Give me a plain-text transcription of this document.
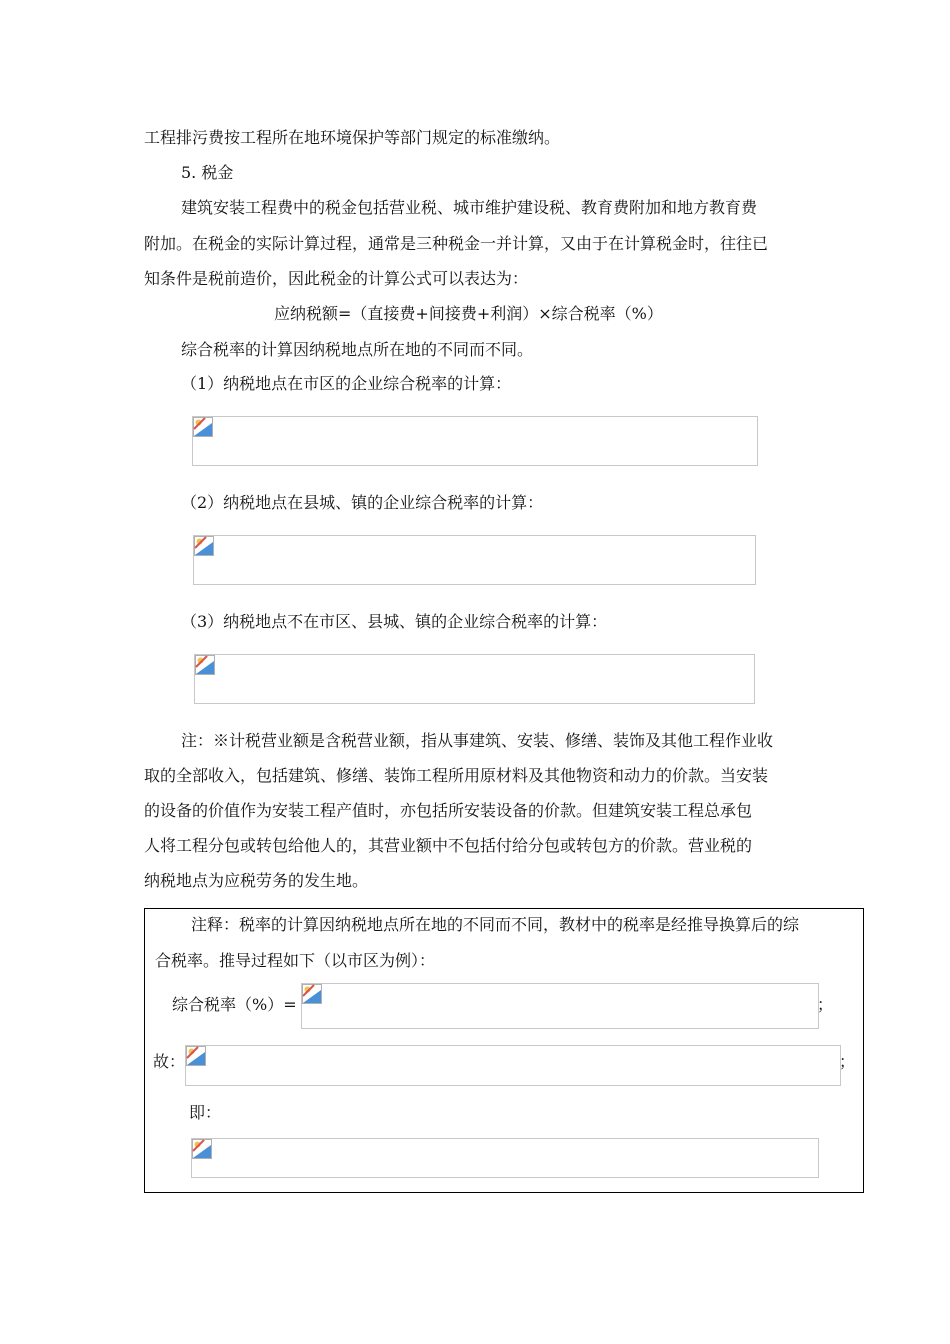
工程排污费按工程所在地环境保护等部门规定的标准缴纳。
5. 税金
建筑安装工程费中的税金包括营业税、城市维护建设税、教育费附加和地方教育费
附加。在税金的实际计算过程，通常是三种税金一并计算，又由于在计算税金时，往往已
知条件是税前造价，因此税金的计算公式可以表达为：
应纳税额=（直接费+间接费+利润）×综合税率（%）
综合税率的计算因纳税地点所在地的不同而不同。
（1）纳税地点在市区的企业综合税率的计算：
（2）纳税地点在县城、镇的企业综合税率的计算：
（3）纳税地点不在市区、县城、镇的企业综合税率的计算：
注：※计税营业额是含税营业额，指从事建筑、安装、修缮、装饰及其他工程作业收
取的全部收入，包括建筑、修缮、装饰工程所用原材料及其他物资和动力的价款。当安装
的设备的价值作为安装工程产值时，亦包括所安装设备的价款。但建筑安装工程总承包
人将工程分包或转包给他人的，其营业额中不包括付给分包或转包方的价款。营业税的
纳税地点为应税劳务的发生地。
注释：税率的计算因纳税地点所在地的不同而不同，教材中的税率是经推导换算后的综
合税率。推导过程如下（以市区为例）：
综合税率（%）=	；
故：	；
即：
